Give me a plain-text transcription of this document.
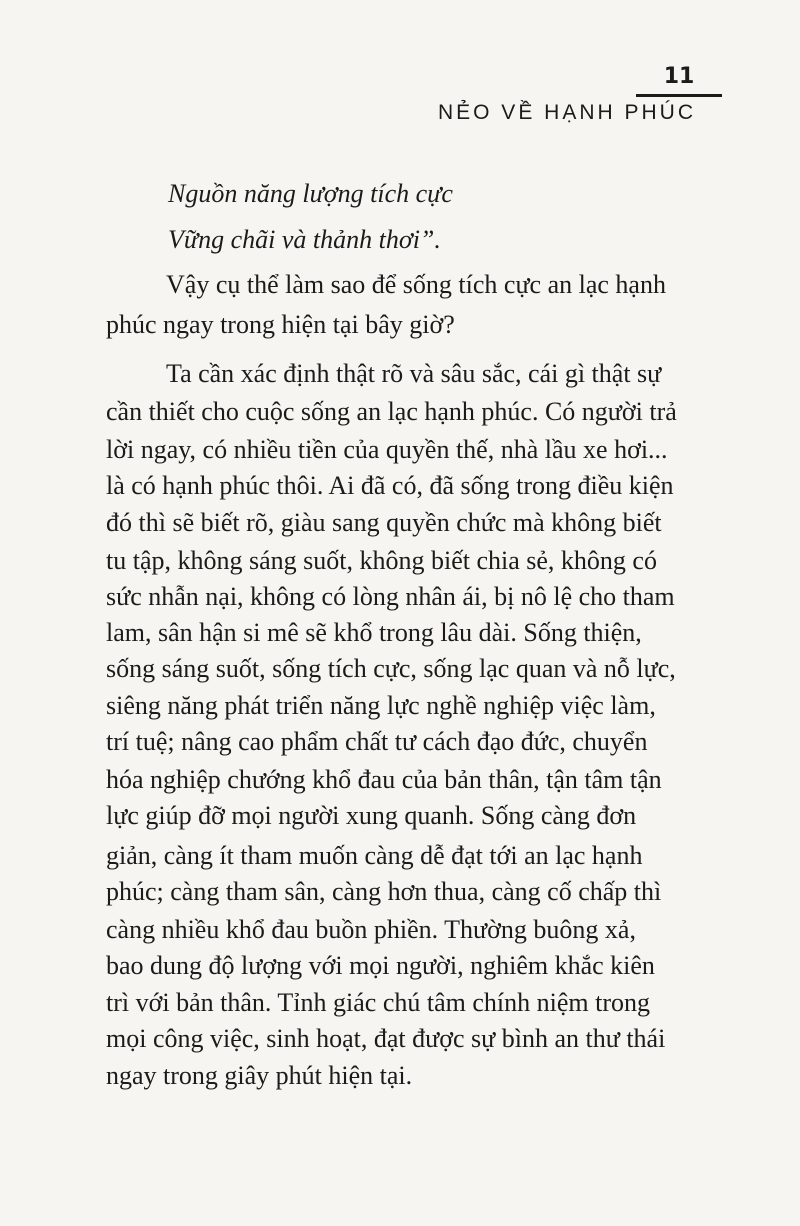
11
NẺO VỀ HẠNH PHÚC

Nguồn năng lượng tích cực

Vững chãi và thảnh thơi”.

Vậy cụ thể làm sao để sống tích cực an lạc hạnh

phúc ngay trong hiện tại bây giờ?

Ta cần xác định thật rõ và sâu sắc, cái gì thật sự

cần thiết cho cuộc sống an lạc hạnh phúc. Có người trả

lời ngay, có nhiều tiền của quyền thế, nhà lầu xe hơi...

là có hạnh phúc thôi. Ai đã có, đã sống trong điều kiện

đó thì sẽ biết rõ, giàu sang quyền chức mà không biết

tu tập, không sáng suốt, không biết chia sẻ, không có

sức nhẫn nại, không có lòng nhân ái, bị nô lệ cho tham

lam, sân hận si mê sẽ khổ trong lâu dài. Sống thiện,

sống sáng suốt, sống tích cực, sống lạc quan và nỗ lực,

siêng năng phát triển năng lực nghề nghiệp việc làm,

trí tuệ; nâng cao phẩm chất tư cách đạo đức, chuyển

hóa nghiệp chướng khổ đau của bản thân, tận tâm tận

lực giúp đỡ mọi người xung quanh. Sống càng đơn

giản, càng ít tham muốn càng dễ đạt tới an lạc hạnh

phúc; càng tham sân, càng hơn thua, càng cố chấp thì

càng nhiều khổ đau buồn phiền. Thường buông xả,

bao dung độ lượng với mọi người, nghiêm khắc kiên

trì với bản thân. Tỉnh giác chú tâm chính niệm trong

mọi công việc, sinh hoạt, đạt được sự bình an thư thái

ngay trong giây phút hiện tại.
